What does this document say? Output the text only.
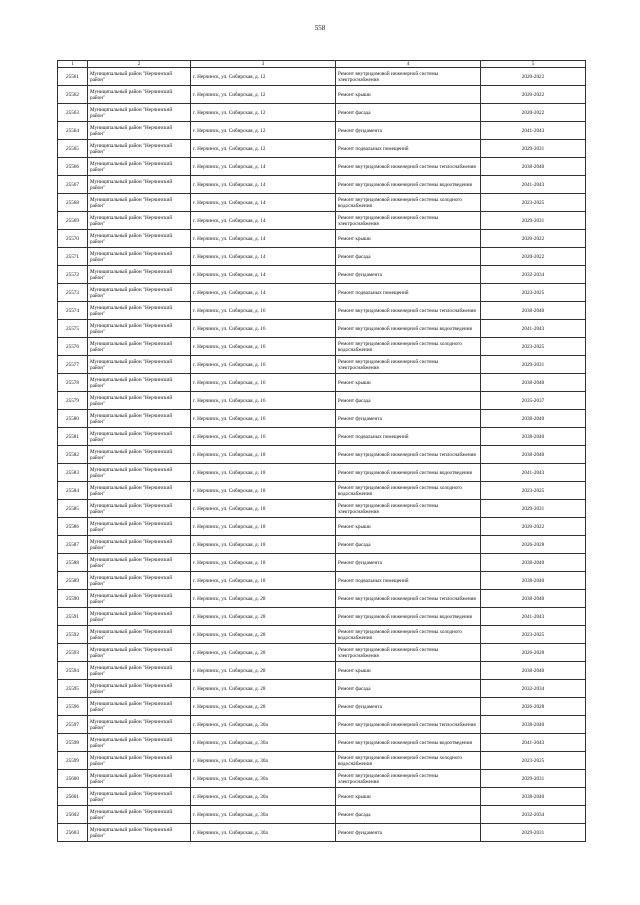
558
1	2	3	4	5
25561	Муниципальный район "Нерчинский район"	г. Нерчинск, ул. Сибирская, д. 12	Ремонт внутридомовой инженерной системы электроснабжения	2020-2022
25562	Муниципальный район "Нерчинский район"	г. Нерчинск, ул. Сибирская, д. 12	Ремонт крыши	2020-2022
25563	Муниципальный район "Нерчинский район"	г. Нерчинск, ул. Сибирская, д. 12	Ремонт фасада	2020-2022
25564	Муниципальный район "Нерчинский район"	г. Нерчинск, ул. Сибирская, д. 12	Ремонт фундамента	2041-2043
25565	Муниципальный район "Нерчинский район"	г. Нерчинск, ул. Сибирская, д. 12	Ремонт подвальных помещений	2029-2031
25566	Муниципальный район "Нерчинский район"	г. Нерчинск, ул. Сибирская, д. 14	Ремонт внутридомовой инженерной системы теплоснабжения	2038-2040
25567	Муниципальный район "Нерчинский район"	г. Нерчинск, ул. Сибирская, д. 14	Ремонт внутридомовой инженерной системы водоотведения	2041-2043
25568	Муниципальный район "Нерчинский район"	г. Нерчинск, ул. Сибирская, д. 14	Ремонт внутридомовой инженерной системы холодного водоснабжения	2023-2025
25569	Муниципальный район "Нерчинский район"	г. Нерчинск, ул. Сибирская, д. 14	Ремонт внутридомовой инженерной системы электроснабжения	2029-2031
25570	Муниципальный район "Нерчинский район"	г. Нерчинск, ул. Сибирская, д. 14	Ремонт крыши	2020-2022
25571	Муниципальный район "Нерчинский район"	г. Нерчинск, ул. Сибирская, д. 14	Ремонт фасада	2020-2022
25572	Муниципальный район "Нерчинский район"	г. Нерчинск, ул. Сибирская, д. 14	Ремонт фундамента	2032-2034
25573	Муниципальный район "Нерчинский район"	г. Нерчинск, ул. Сибирская, д. 14	Ремонт подвальных помещений	2023-2025
25574	Муниципальный район "Нерчинский район"	г. Нерчинск, ул. Сибирская, д. 16	Ремонт внутридомовой инженерной системы теплоснабжения	2038-2040
25575	Муниципальный район "Нерчинский район"	г. Нерчинск, ул. Сибирская, д. 16	Ремонт внутридомовой инженерной системы водоотведения	2041-2043
25576	Муниципальный район "Нерчинский район"	г. Нерчинск, ул. Сибирская, д. 16	Ремонт внутридомовой инженерной системы холодного водоснабжения	2023-2025
25577	Муниципальный район "Нерчинский район"	г. Нерчинск, ул. Сибирская, д. 16	Ремонт внутридомовой инженерной системы электроснабжения	2029-2031
25578	Муниципальный район "Нерчинский район"	г. Нерчинск, ул. Сибирская, д. 16	Ремонт крыши	2038-2040
25579	Муниципальный район "Нерчинский район"	г. Нерчинск, ул. Сибирская, д. 16	Ремонт фасада	2035-2037
25580	Муниципальный район "Нерчинский район"	г. Нерчинск, ул. Сибирская, д. 16	Ремонт фундамента	2038-2040
25581	Муниципальный район "Нерчинский район"	г. Нерчинск, ул. Сибирская, д. 16	Ремонт подвальных помещений	2038-2040
25582	Муниципальный район "Нерчинский район"	г. Нерчинск, ул. Сибирская, д. 18	Ремонт внутридомовой инженерной системы теплоснабжения	2038-2040
25583	Муниципальный район "Нерчинский район"	г. Нерчинск, ул. Сибирская, д. 18	Ремонт внутридомовой инженерной системы водоотведения	2041-2043
25584	Муниципальный район "Нерчинский район"	г. Нерчинск, ул. Сибирская, д. 18	Ремонт внутридомовой инженерной системы холодного водоснабжения	2023-2025
25585	Муниципальный район "Нерчинский район"	г. Нерчинск, ул. Сибирская, д. 18	Ремонт внутридомовой инженерной системы электроснабжения	2029-2031
25586	Муниципальный район "Нерчинский район"	г. Нерчинск, ул. Сибирская, д. 18	Ремонт крыши	2020-2022
25587	Муниципальный район "Нерчинский район"	г. Нерчинск, ул. Сибирская, д. 18	Ремонт фасада	2026-2028
25588	Муниципальный район "Нерчинский район"	г. Нерчинск, ул. Сибирская, д. 18	Ремонт фундамента	2038-2040
25589	Муниципальный район "Нерчинский район"	г. Нерчинск, ул. Сибирская, д. 18	Ремонт подвальных помещений	2038-2040
25590	Муниципальный район "Нерчинский район"	г. Нерчинск, ул. Сибирская, д. 28	Ремонт внутридомовой инженерной системы теплоснабжения	2038-2040
25591	Муниципальный район "Нерчинский район"	г. Нерчинск, ул. Сибирская, д. 28	Ремонт внутридомовой инженерной системы водоотведения	2041-2043
25592	Муниципальный район "Нерчинский район"	г. Нерчинск, ул. Сибирская, д. 28	Ремонт внутридомовой инженерной системы холодного водоснабжения	2023-2025
25593	Муниципальный район "Нерчинский район"	г. Нерчинск, ул. Сибирская, д. 28	Ремонт внутридомовой инженерной системы электроснабжения	2026-2028
25594	Муниципальный район "Нерчинский район"	г. Нерчинск, ул. Сибирская, д. 28	Ремонт крыши	2038-2040
25595	Муниципальный район "Нерчинский район"	г. Нерчинск, ул. Сибирская, д. 28	Ремонт фасада	2032-2034
25596	Муниципальный район "Нерчинский район"	г. Нерчинск, ул. Сибирская, д. 28	Ремонт фундамента	2026-2028
25597	Муниципальный район "Нерчинский район"	г. Нерчинск, ул. Сибирская, д. 30а	Ремонт внутридомовой инженерной системы теплоснабжения	2038-2040
25598	Муниципальный район "Нерчинский район"	г. Нерчинск, ул. Сибирская, д. 30а	Ремонт внутридомовой инженерной системы водоотведения	2041-2043
25599	Муниципальный район "Нерчинский район"	г. Нерчинск, ул. Сибирская, д. 30а	Ремонт внутридомовой инженерной системы холодного водоснабжения	2023-2025
25600	Муниципальный район "Нерчинский район"	г. Нерчинск, ул. Сибирская, д. 30а	Ремонт внутридомовой инженерной системы электроснабжения	2029-2031
25601	Муниципальный район "Нерчинский район"	г. Нерчинск, ул. Сибирская, д. 30а	Ремонт крыши	2038-2040
25602	Муниципальный район "Нерчинский район"	г. Нерчинск, ул. Сибирская, д. 30а	Ремонт фасада	2032-2034
25603	Муниципальный район "Нерчинский район"	г. Нерчинск, ул. Сибирская, д. 30а	Ремонт фундамента	2029-2031
